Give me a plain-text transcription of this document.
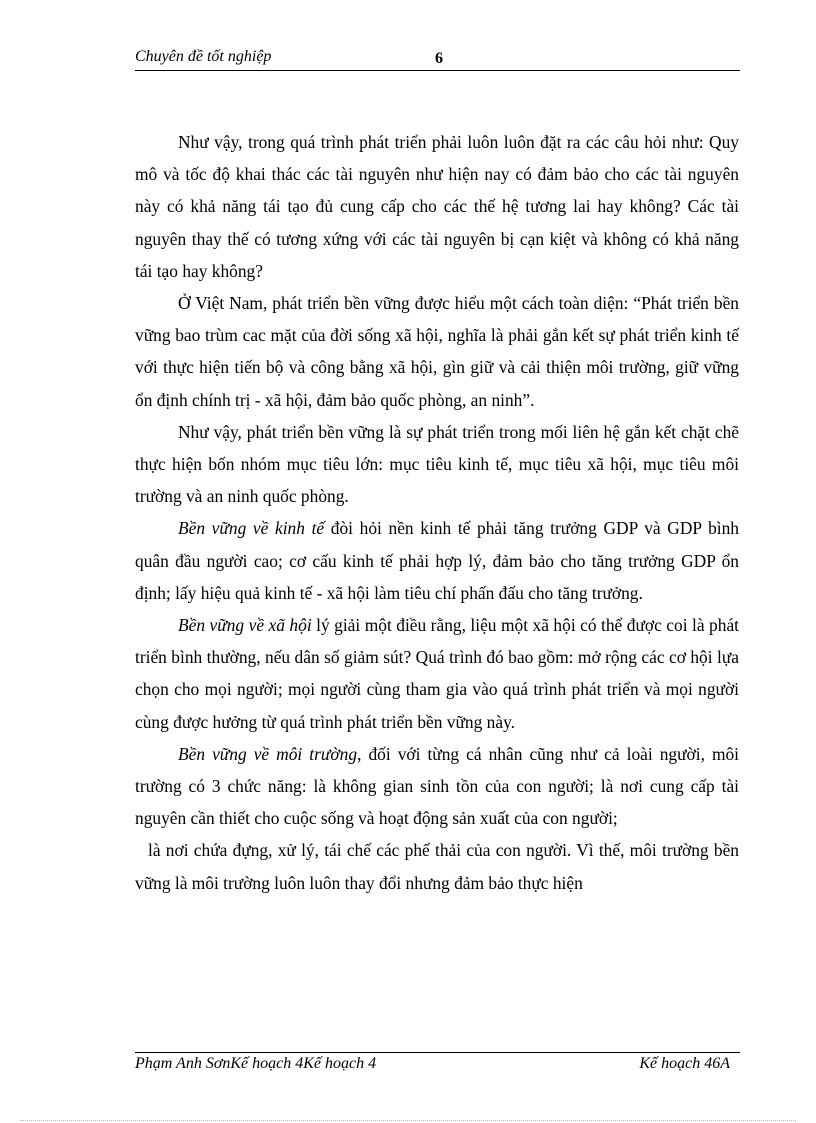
Chuyên đề tốt nghiệp	6

Như vậy, trong quá trình phát triển phải luôn luôn đặt ra các câu hỏi như: Quy mô và tốc độ khai thác các tài nguyên như hiện nay có đảm bảo cho các tài nguyên này có khả năng tái tạo đủ cung cấp cho các thế hệ tương lai hay không? Các tài nguyên thay thế có tương xứng với các tài nguyên bị cạn kiệt và không có khả năng tái tạo hay không?

Ở Việt Nam, phát triển bền vững được hiểu một cách toàn diện: “Phát triển bền vững bao trùm cac mặt của đời sống xã hội, nghĩa là phải gắn kết sự phát triển kinh tế với thực hiện tiến bộ và công bằng xã hội, gìn giữ và cải thiện môi trường, giữ vững ổn định chính trị - xã hội, đảm bảo quốc phòng, an ninh”.

Như vậy, phát triển bền vững là sự phát triển trong mối liên hệ gắn kết chặt chẽ thực hiện bốn nhóm mục tiêu lớn: mục tiêu kinh tế, mục tiêu xã hội, mục tiêu môi trường và an ninh quốc phòng.

Bền vững về kinh tế đòi hỏi nền kinh tế phải tăng trưởng GDP và GDP bình quân đầu người cao; cơ cấu kinh tế phải hợp lý, đảm bảo cho tăng trưởng GDP ổn định; lấy hiệu quả kinh tế - xã hội làm tiêu chí phấn đấu cho tăng trưởng.

Bền vững về xã hội lý giải một điều rằng, liệu một xã hội có thể được coi là phát triển bình thường, nếu dân số giảm sút? Quá trình đó bao gồm: mở rộng các cơ hội lựa chọn cho mọi người; mọi người cùng tham gia vào quá trình phát triển và mọi người cùng được hưởng từ quá trình phát triển bền vững này.

Bền vững về môi trường, đối với từng cá nhân cũng như cả loài người, môi trường có 3 chức năng: là không gian sinh tồn của con người; là nơi cung cấp tài nguyên cần thiết cho cuộc sống và hoạt động sản xuất của con người;

là nơi chứa đựng, xử lý, tái chế các phế thải của con người. Vì thế, môi trường bền vững là môi trường luôn luôn thay đổi nhưng đảm bảo thực hiện

Phạm Anh SơnKế hoạch 4Kế hoạch 4	Kế hoạch 46A
